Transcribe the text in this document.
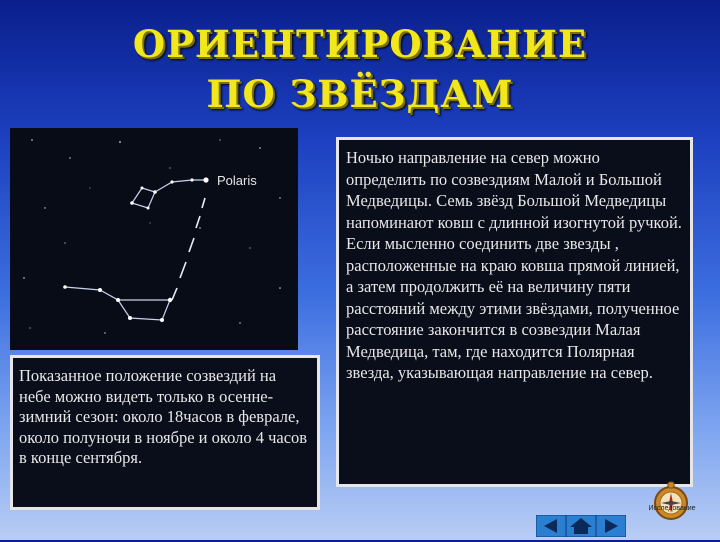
ОРИЕНТИРОВАНИЕ
ПО ЗВЁЗДАМ
Polaris
Показанное положение созвездий на небе можно видеть только в осенне-зимний сезон: около 18часов в феврале, около полуночи в ноябре и около 4 часов в конце сентября.
Ночью направление на север можно определить по созвездиям Малой и Большой Медведицы. Семь звёзд Большой Медведицы напоминают ковш с длинной изогнутой ручкой. Если мысленно соединить две звезды , расположенные на краю ковша прямой линией, а затем продолжить её на величину пяти расстояний между этими звёздами, полученное расстояние закончится в созвездии Малая Медведица, там, где находится Полярная звезда, указывающая направление на север.
Исследование
